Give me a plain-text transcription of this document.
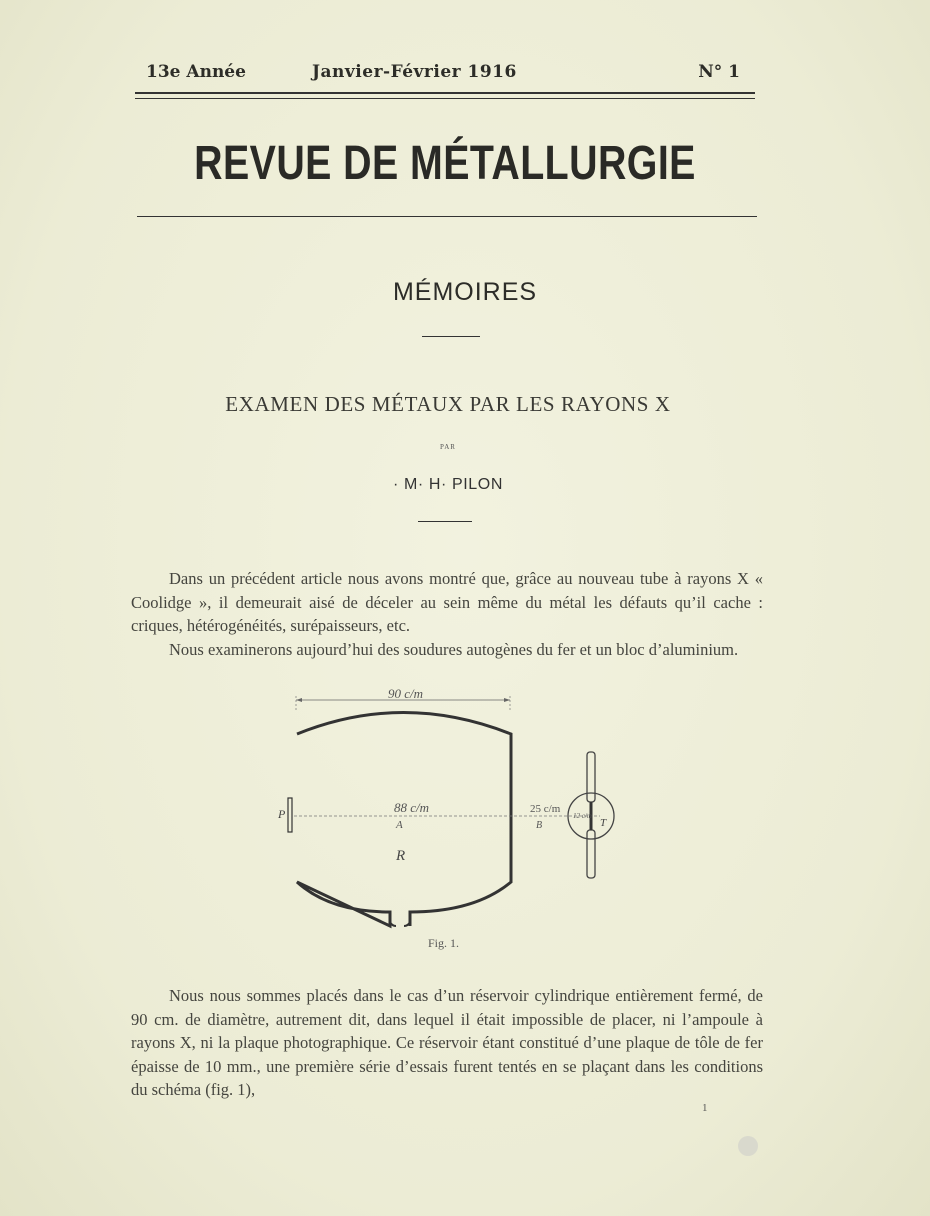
13e Année	Janvier-Février 1916	N° 1
REVUE DE MÉTALLURGIE
MÉMOIRES
EXAMEN DES MÉTAUX PAR LES RAYONS X
PAR
· M· H· PILON

Dans un précédent article nous avons montré que, grâce au nouveau tube à rayons X « Coolidge », il demeurait aisé de déceler au sein même du métal les défauts qu’il cache : criques, hétérogénéités, surépaisseurs, etc.

Nous examinerons aujourd’hui des soudures autogènes du fer et un bloc d’aluminium.

90 c/m
P	88 c/m
A
R
25 c/m
B
12 c/m
T
Fig. 1.

Nous nous sommes placés dans le cas d’un réservoir cylindrique entièrement fermé, de 90 cm. de diamètre, autrement dit, dans lequel il était impossible de placer, ni l’ampoule à rayons X, ni la plaque photographique. Ce réservoir étant constitué d’une plaque de tôle de fer épaisse de 10 mm., une première série d’essais furent tentés en se plaçant dans les conditions du schéma (fig. 1),

1
